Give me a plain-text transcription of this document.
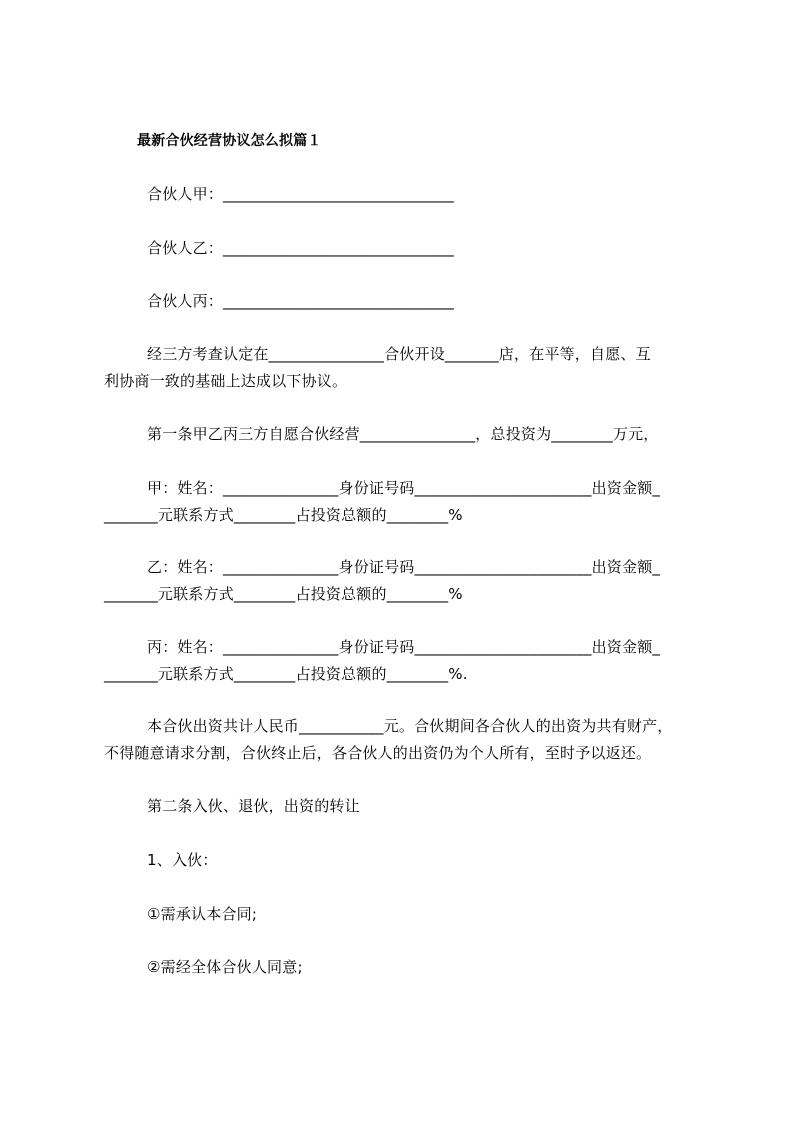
最新合伙经营协议怎么拟篇１
合伙人甲：______________________________
合伙人乙：______________________________
合伙人丙：______________________________
经三方考查认定在_______________合伙开设_______店，在平等，自愿、互
利协商一致的基础上达成以下协议。
第一条甲乙丙三方自愿合伙经营_______________，总投资为________万元，
甲：姓名：_______________身份证号码_______________________出资金额_
_______元联系方式________占投资总额的________%
乙：姓名：_______________身份证号码_______________________出资金额_
_______元联系方式________占投资总额的________%
丙：姓名：_______________身份证号码_______________________出资金额_
_______元联系方式________占投资总额的________%.
本合伙出资共计人民币___________元。合伙期间各合伙人的出资为共有财产，
不得随意请求分割，合伙终止后，各合伙人的出资仍为个人所有，至时予以返还。
第二条入伙、退伙，出资的转让
1、入伙：
①需承认本合同;
②需经全体合伙人同意;
